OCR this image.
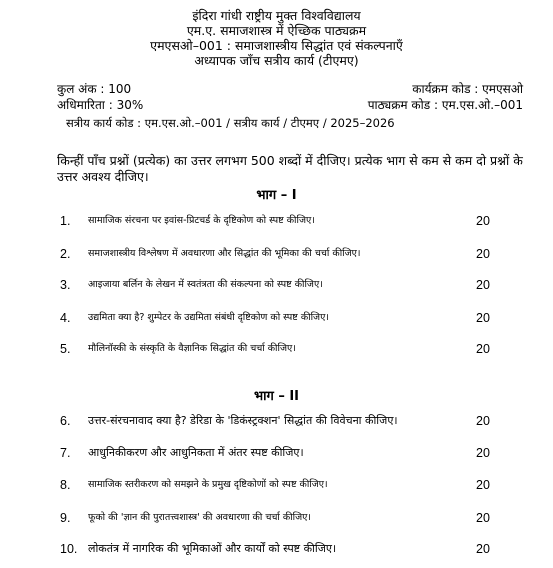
इंदिरा गांधी राष्ट्रीय मुक्त विश्वविद्यालय
एम.ए. समाजशास्त्र में ऐच्छिक पाठ्यक्रम
एमएसओ–001 : समाजशास्त्रीय सिद्धांत एवं संकल्पनाएँ
अध्यापक जाँच सत्रीय कार्य (टीएमए)
कुल अंक : 100	कार्यक्रम कोड : एमएसओ
अधिमारिता : 30%	पाठ्यक्रम कोड : एम.एस.ओ.–001
सत्रीय कार्य कोड : एम.एस.ओ.–001 / सत्रीय कार्य / टीएमए / 2025–2026
किन्हीं पाँच प्रश्नों (प्रत्येक) का उत्तर लगभग 500 शब्दों में दीजिए। प्रत्येक भाग से कम से कम दो प्रश्नों के उत्तर अवश्य दीजिए।
भाग – I
1. सामाजिक संरचना पर इवांस-प्रिटचर्ड के दृष्टिकोण को स्पष्ट कीजिए।	20
2. समाजशास्त्रीय विश्लेषण में अवधारणा और सिद्धांत की भूमिका की चर्चा कीजिए।	20
3. आइजाया बर्लिन के लेखन में स्वतंत्रता की संकल्पना को स्पष्ट कीजिए।	20
4. उद्यमिता क्या है? शुम्पेटर के उद्यमिता संबंधी दृष्टिकोण को स्पष्ट कीजिए।	20
5. मौलिनॉस्की के संस्कृति के वैज्ञानिक सिद्धांत की चर्चा कीजिए।	20
भाग – II
6. उत्तर-संरचनावाद क्या है? डेरिडा के 'डिकंस्ट्रक्शन' सिद्धांत की विवेचना कीजिए।	20
7. आधुनिकीकरण और आधुनिकता में अंतर स्पष्ट कीजिए।	20
8. सामाजिक स्तरीकरण को समझने के प्रमुख दृष्टिकोणों को स्पष्ट कीजिए।	20
9. फूको की 'ज्ञान की पुरातत्त्वशास्त्र' की अवधारणा की चर्चा कीजिए।	20
10. लोकतंत्र में नागरिक की भूमिकाओं और कार्यों को स्पष्ट कीजिए।	20
